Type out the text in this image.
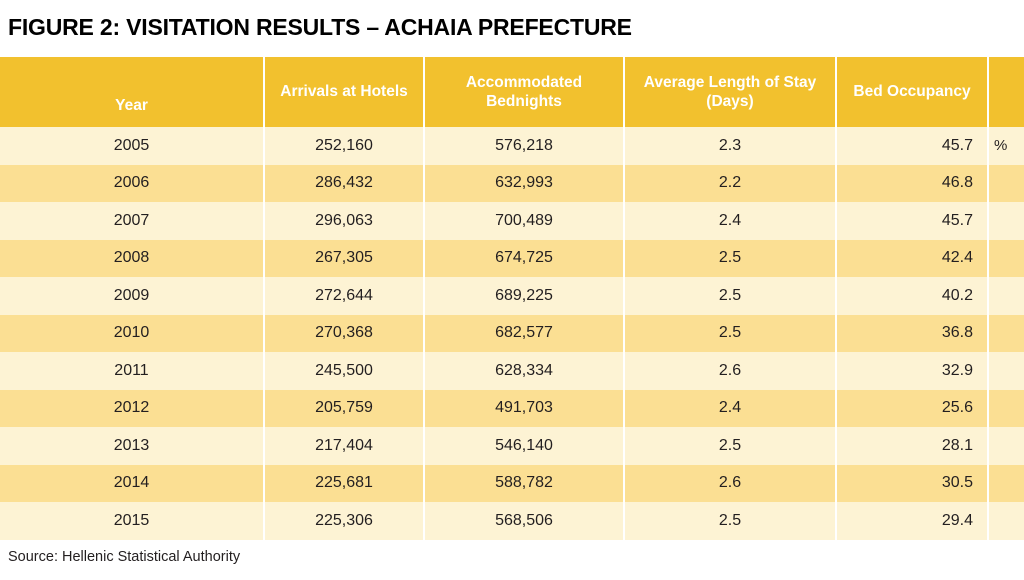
FIGURE 2: VISITATION RESULTS – ACHAIA PREFECTURE
Year	Arrivals at Hotels	Accommodated Bednights	Average Length of Stay (Days)	Bed Occupancy	
2005	252,160	576,218	2.3	45.7	%
2006	286,432	632,993	2.2	46.8	
2007	296,063	700,489	2.4	45.7	
2008	267,305	674,725	2.5	42.4	
2009	272,644	689,225	2.5	40.2	
2010	270,368	682,577	2.5	36.8	
2011	245,500	628,334	2.6	32.9	
2012	205,759	491,703	2.4	25.6	
2013	217,404	546,140	2.5	28.1	
2014	225,681	588,782	2.6	30.5	
2015	225,306	568,506	2.5	29.4	
Source: Hellenic Statistical Authority
